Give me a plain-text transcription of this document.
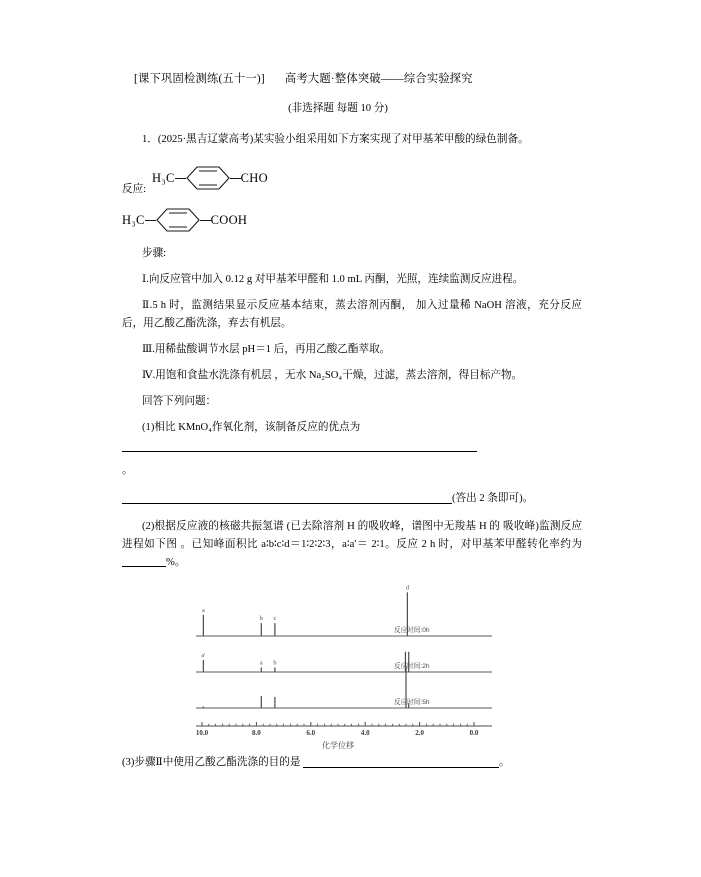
[课下巩固检测练(五十一)] 高考大题·整体突破——综合实验探究
(非选择题 每题 10 分)

1．(2025·黑吉辽蒙高考)某实验小组采用如下方案实现了对甲基苯甲酸的绿色制备。

反应:
H₃C	CHO
H₃C	COOH

步骤:

Ⅰ.向反应管中加入 0.12 g 对甲基苯甲醛和 1.0 mL 丙酮，光照，连续监测反应进程。

Ⅱ.5 h 时，监测结果显示反应基本结束，蒸去溶剂丙酮， 加入过量稀 NaOH 溶液，充分反应后，用乙酸乙酯洗涤，弃去有机层。

Ⅲ.用稀盐酸调节水层 pH＝1 后，再用乙酸乙酯萃取。

Ⅳ.用饱和食盐水洗涤有机层 ，无水 Na₂SO₄干燥，过滤，蒸去溶剂，得目标产物。

回答下列问题：

(1)相比 KMnO₄作氧化剂，该制备反应的优点为

。
(答出 2 条即可)。

(2)根据反应液的核磁共振氢谱 (已去除溶剂 H 的吸收峰，谱图中无羧基 H 的 吸收峰)监测反应进程如下图 。已知峰面积比 a∶b∶c∶d＝1∶2∶2∶3，a∶a′＝ 2∶1。反应 2 h 时，对甲基苯甲醛转化率约为%。

a
b c
d
反应时间:0h
a'
a b
反应时间:2h
反应时间:5h
10.0	8.0	6.0	4.0	2.0	0.0
化学位移

(3)步骤Ⅱ中使用乙酸乙酯洗涤的目的是	。
